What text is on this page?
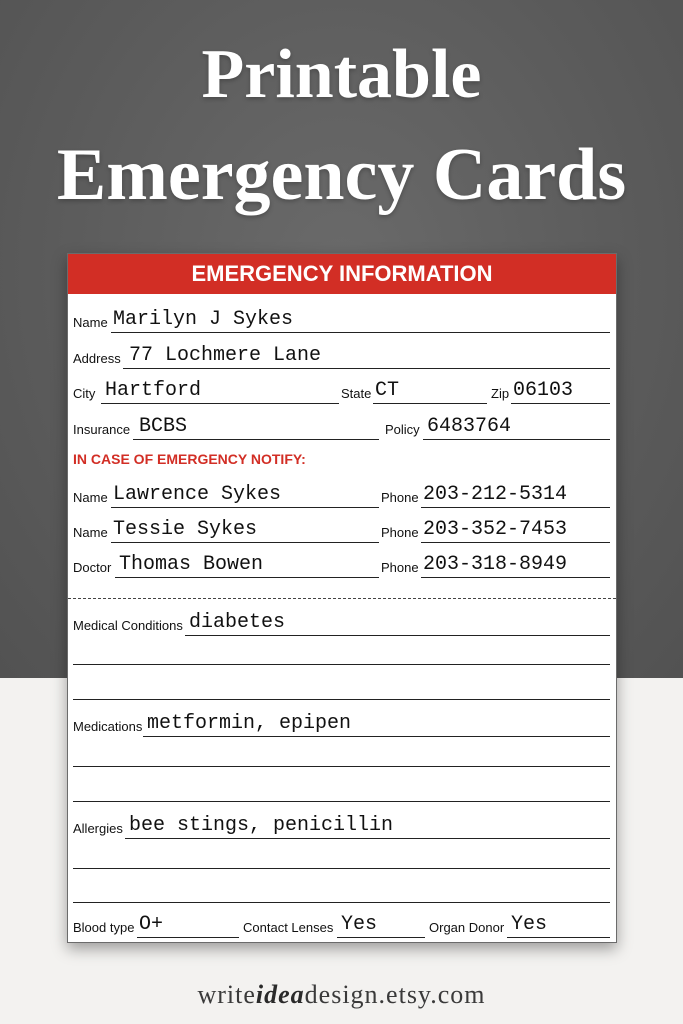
Printable
Emergency Cards
EMERGENCY INFORMATION
Name Marilyn J Sykes
Address 77 Lochmere Lane
City Hartford	State CT	Zip 06103
Insurance BCBS	Policy 6483764
IN CASE OF EMERGENCY NOTIFY:
Name Lawrence Sykes	Phone 203-212-5314
Name Tessie Sykes	Phone 203-352-7453
Doctor Thomas Bowen	Phone 203-318-8949
Medical Conditions diabetes
Medications metformin, epipen
Allergies bee stings, penicillin
Blood type O+	Contact Lenses Yes	Organ Donor Yes
writeideadesign.etsy.com
